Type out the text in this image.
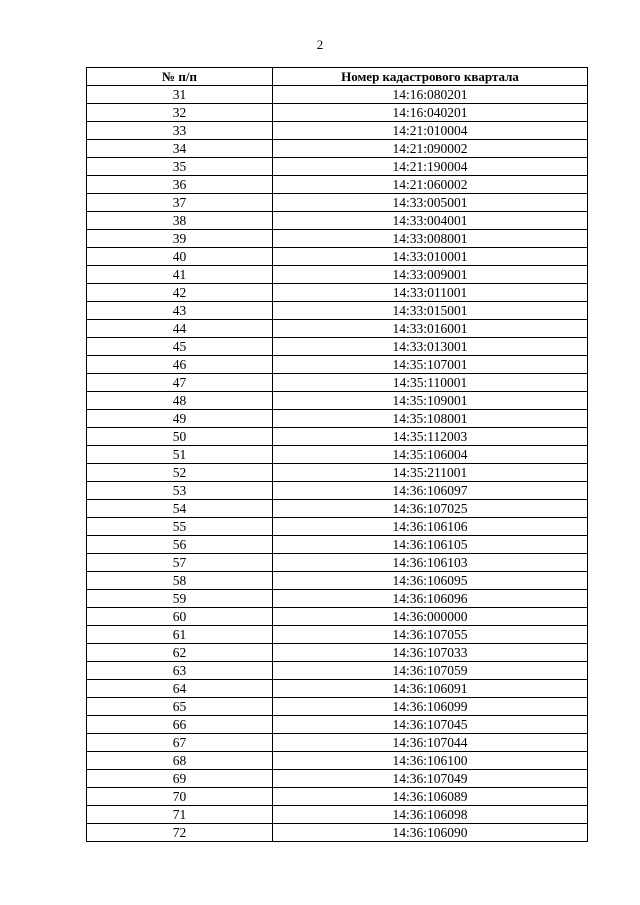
2
№ п/п	Номер кадастрового квартала
31	14:16:080201
32	14:16:040201
33	14:21:010004
34	14:21:090002
35	14:21:190004
36	14:21:060002
37	14:33:005001
38	14:33:004001
39	14:33:008001
40	14:33:010001
41	14:33:009001
42	14:33:011001
43	14:33:015001
44	14:33:016001
45	14:33:013001
46	14:35:107001
47	14:35:110001
48	14:35:109001
49	14:35:108001
50	14:35:112003
51	14:35:106004
52	14:35:211001
53	14:36:106097
54	14:36:107025
55	14:36:106106
56	14:36:106105
57	14:36:106103
58	14:36:106095
59	14:36:106096
60	14:36:000000
61	14:36:107055
62	14:36:107033
63	14:36:107059
64	14:36:106091
65	14:36:106099
66	14:36:107045
67	14:36:107044
68	14:36:106100
69	14:36:107049
70	14:36:106089
71	14:36:106098
72	14:36:106090
